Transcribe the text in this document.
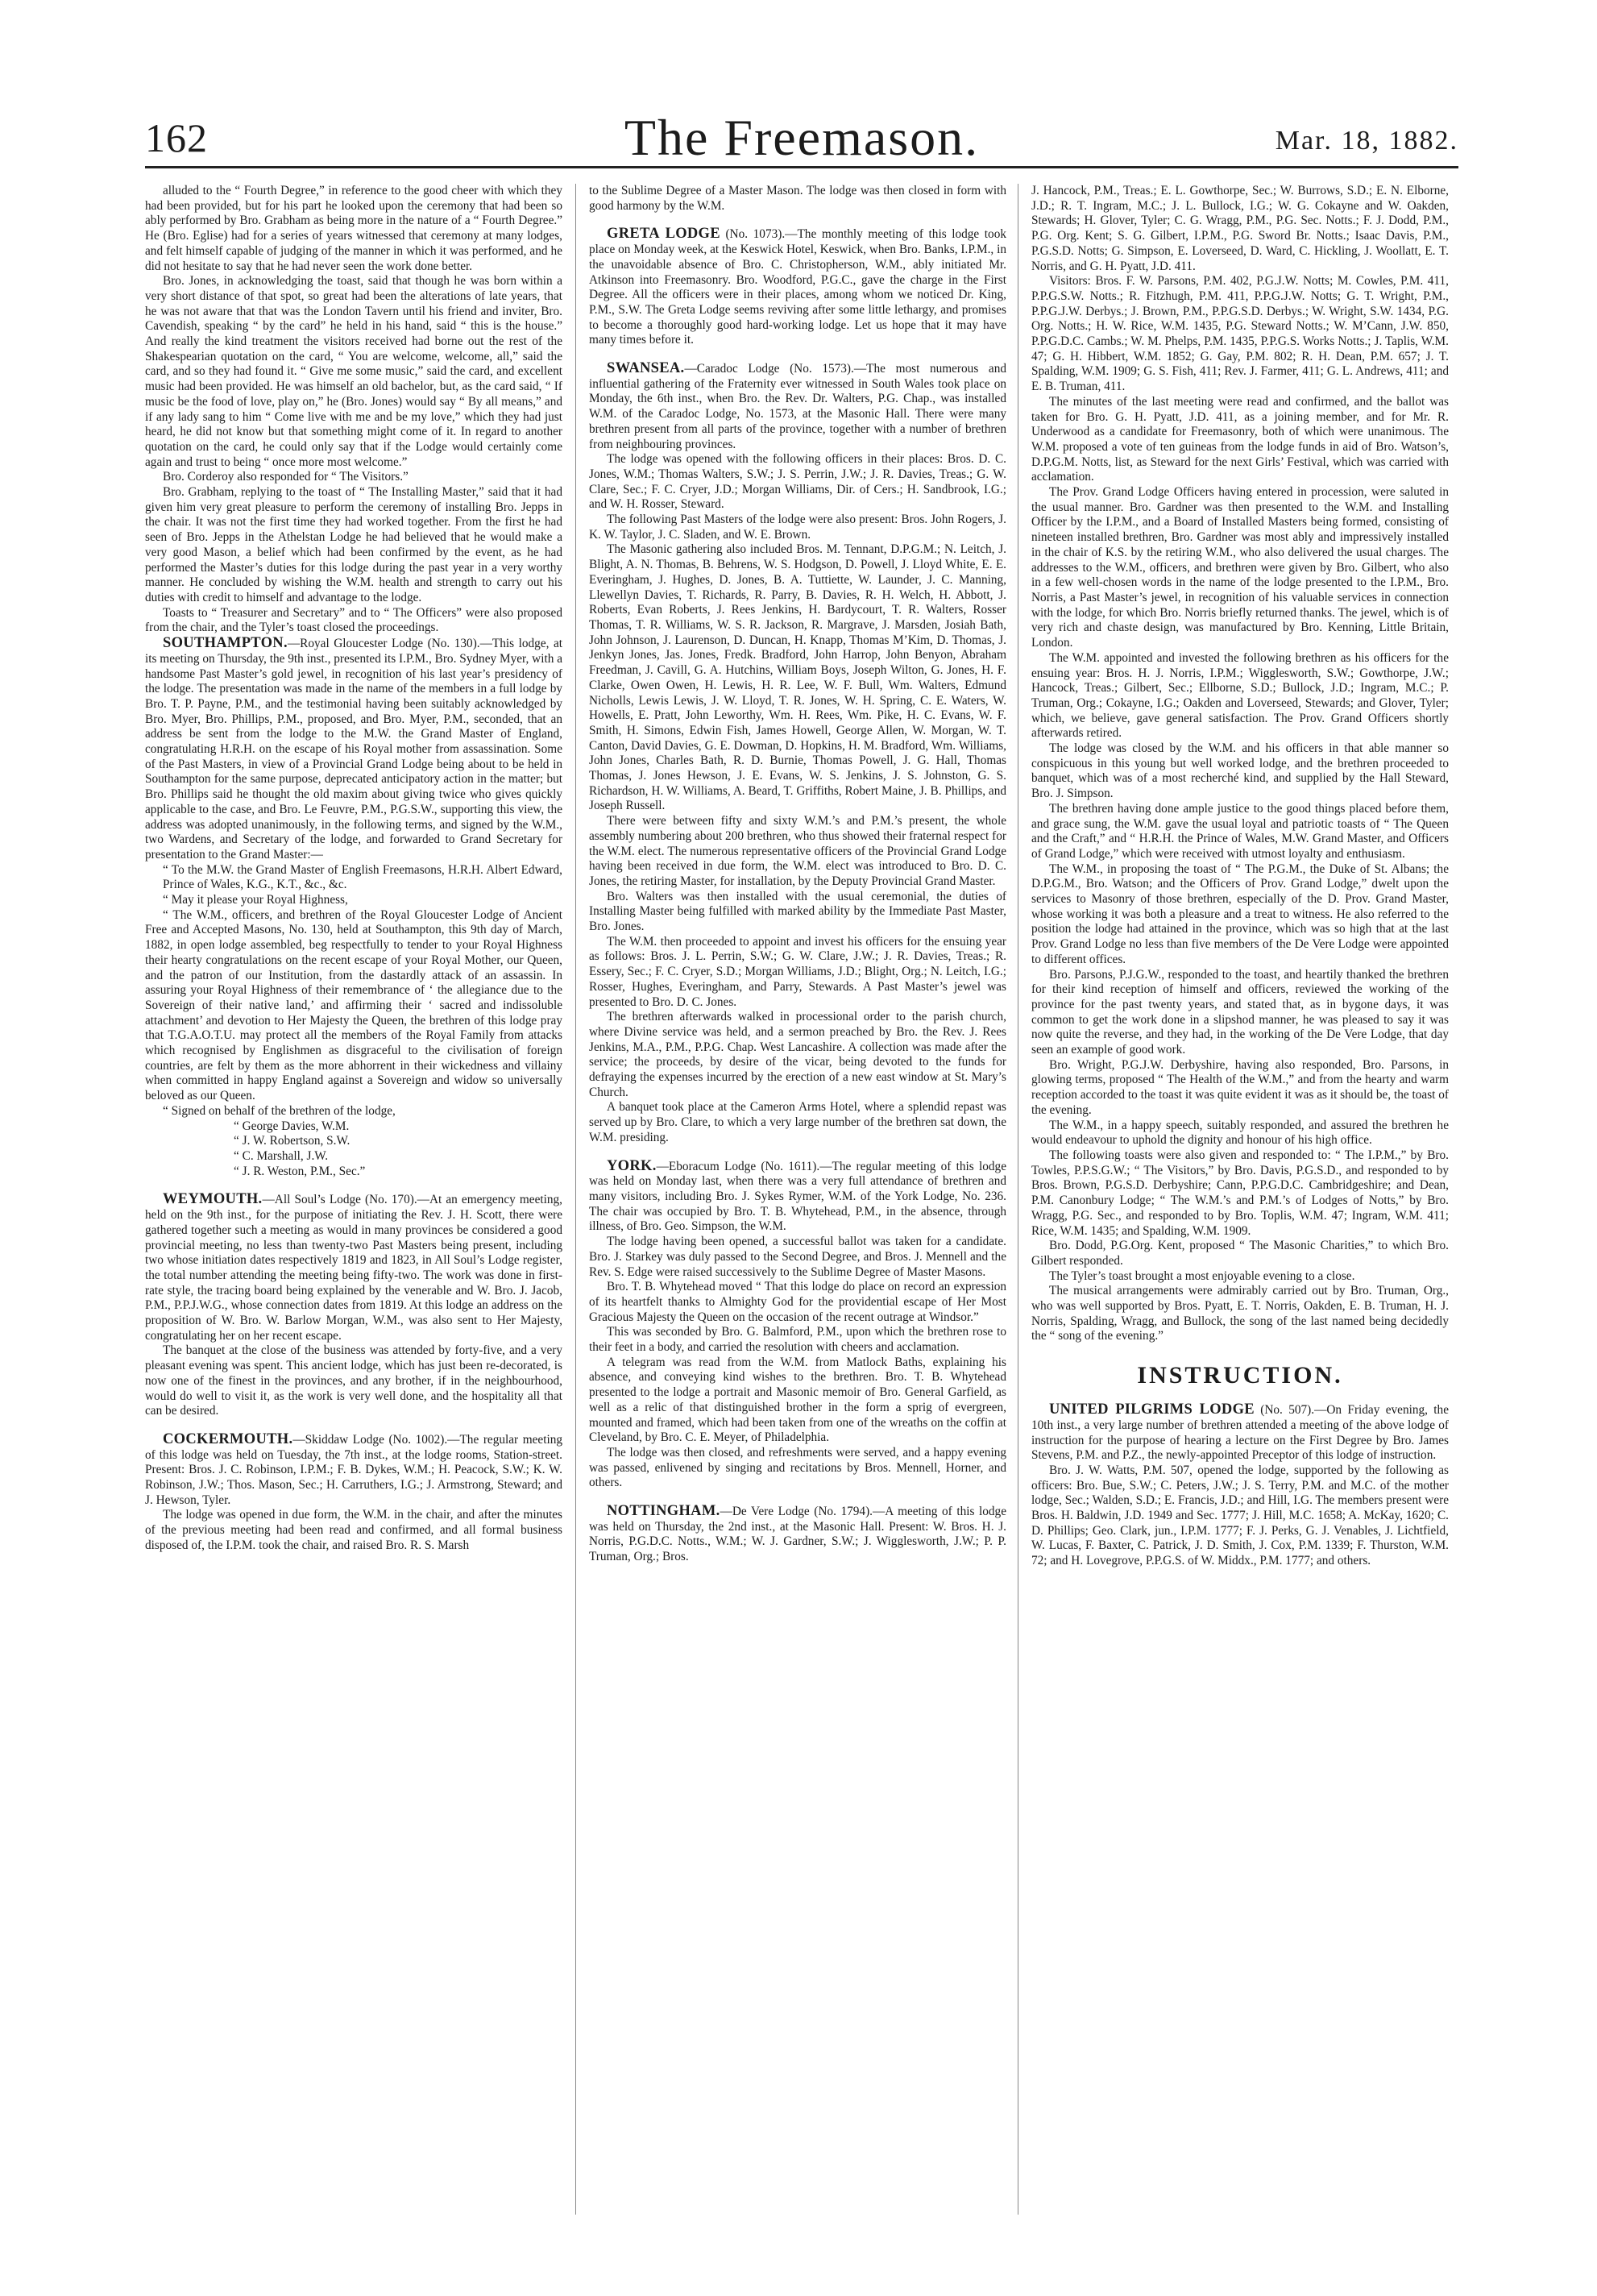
162	The Freemason.	Mar. 18, 1882.

alluded to the “ Fourth Degree,” in reference to the good cheer with which they had been provided, but for his part he looked upon the ceremony that had been so ably performed by Bro. Grabham as being more in the nature of a “ Fourth Degree.” He (Bro. Eglise) had for a series of years witnessed that ceremony at many lodges, and felt himself capable of judging of the manner in which it was performed, and he did not hesitate to say that he had never seen the work done better.

Bro. Jones, in acknowledging the toast, said that though he was born within a very short distance of that spot, so great had been the alterations of late years, that he was not aware that that was the London Tavern until his friend and inviter, Bro. Cavendish, speaking “ by the card” he held in his hand, said “ this is the house.” And really the kind treatment the visitors received had borne out the rest of the Shakespearian quotation on the card, “ You are welcome, welcome, all,” said the card, and so they had found it. “ Give me some music,” said the card, and excellent music had been provided. He was himself an old bachelor, but, as the card said, “ If music be the food of love, play on,” he (Bro. Jones) would say “ By all means,” and if any lady sang to him “ Come live with me and be my love,” which they had just heard, he did not know but that something might come of it. In regard to another quotation on the card, he could only say that if the Lodge would certainly come again and trust to being “ once more most welcome.”

Bro. Corderoy also responded for “ The Visitors.”

Bro. Grabham, replying to the toast of “ The Installing Master,” said that it had given him very great pleasure to perform the ceremony of installing Bro. Jepps in the chair. It was not the first time they had worked together. From the first he had seen of Bro. Jepps in the Athelstan Lodge he had believed that he would make a very good Mason, a belief which had been confirmed by the event, as he had performed the Master’s duties for this lodge during the past year in a very worthy manner. He concluded by wishing the W.M. health and strength to carry out his duties with credit to himself and advantage to the lodge.

Toasts to “ Treasurer and Secretary” and to “ The Officers” were also proposed from the chair, and the Tyler’s toast closed the proceedings.

SOUTHAMPTON.—Royal Gloucester Lodge (No. 130).—This lodge, at its meeting on Thursday, the 9th inst., presented its I.P.M., Bro. Sydney Myer, with a handsome Past Master’s gold jewel, in recognition of his last year’s presidency of the lodge. The presentation was made in the name of the members in a full lodge by Bro. T. P. Payne, P.M., and the testimonial having been suitably acknowledged by Bro. Myer, Bro. Phillips, P.M., proposed, and Bro. Myer, P.M., seconded, that an address be sent from the lodge to the M.W. the Grand Master of England, congratulating H.R.H. on the escape of his Royal mother from assassination. Some of the Past Masters, in view of a Provincial Grand Lodge being about to be held in Southampton for the same purpose, deprecated anticipatory action in the matter; but Bro. Phillips said he thought the old maxim about giving twice who gives quickly applicable to the case, and Bro. Le Feuvre, P.M., P.G.S.W., supporting this view, the address was adopted unanimously, in the following terms, and signed by the W.M., two Wardens, and Secretary of the lodge, and forwarded to Grand Secretary for presentation to the Grand Master:—

“ To the M.W. the Grand Master of English Freemasons, H.R.H. Albert Edward, Prince of Wales, K.G., K.T., &c., &c.

“ May it please your Royal Highness,

“ The W.M., officers, and brethren of the Royal Gloucester Lodge of Ancient Free and Accepted Masons, No. 130, held at Southampton, this 9th day of March, 1882, in open lodge assembled, beg respectfully to tender to your Royal Highness their hearty congratulations on the recent escape of your Royal Mother, our Queen, and the patron of our Institution, from the dastardly attack of an assassin. In assuring your Royal Highness of their remembrance of ‘ the allegiance due to the Sovereign of their native land,’ and affirming their ‘ sacred and indissoluble attachment’ and devotion to Her Majesty the Queen, the brethren of this lodge pray that T.G.A.O.T.U. may protect all the members of the Royal Family from attacks which recognised by Englishmen as disgraceful to the civilisation of foreign countries, are felt by them as the more abhorrent in their wickedness and villainy when committed in happy England against a Sovereign and widow so universally beloved as our Queen.

“ Signed on behalf of the brethren of the lodge,

“ George Davies, W.M.

“ J. W. Robertson, S.W.

“ C. Marshall, J.W.

“ J. R. Weston, P.M., Sec.”

WEYMOUTH.—All Soul’s Lodge (No. 170).—At an emergency meeting, held on the 9th inst., for the purpose of initiating the Rev. J. H. Scott, there were gathered together such a meeting as would in many provinces be considered a good provincial meeting, no less than twenty-two Past Masters being present, including two whose initiation dates respectively 1819 and 1823, in All Soul’s Lodge register, the total number attending the meeting being fifty-two. The work was done in first-rate style, the tracing board being explained by the venerable and W. Bro. J. Jacob, P.M., P.P.J.W.G., whose connection dates from 1819. At this lodge an address on the proposition of W. Bro. W. Barlow Morgan, W.M., was also sent to Her Majesty, congratulating her on her recent escape.

The banquet at the close of the business was attended by forty-five, and a very pleasant evening was spent. This ancient lodge, which has just been re-decorated, is now one of the finest in the provinces, and any brother, if in the neighbourhood, would do well to visit it, as the work is very well done, and the hospitality all that can be desired.

COCKERMOUTH.—Skiddaw Lodge (No. 1002).—The regular meeting of this lodge was held on Tuesday, the 7th inst., at the lodge rooms, Station-street. Present: Bros. J. C. Robinson, I.P.M.; F. B. Dykes, W.M.; H. Peacock, S.W.; K. W. Robinson, J.W.; Thos. Mason, Sec.; H. Carruthers, I.G.; J. Armstrong, Steward; and J. Hewson, Tyler.

The lodge was opened in due form, the W.M. in the chair, and after the minutes of the previous meeting had been read and confirmed, and all formal business disposed of, the I.P.M. took the chair, and raised Bro. R. S. Marsh

to the Sublime Degree of a Master Mason. The lodge was then closed in form with good harmony by the W.M.

GRETA LODGE (No. 1073).—The monthly meeting of this lodge took place on Monday week, at the Keswick Hotel, Keswick, when Bro. Banks, I.P.M., in the unavoidable absence of Bro. C. Christopherson, W.M., ably initiated Mr. Atkinson into Freemasonry. Bro. Woodford, P.G.C., gave the charge in the First Degree. All the officers were in their places, among whom we noticed Dr. King, P.M., S.W. The Greta Lodge seems reviving after some little lethargy, and promises to become a thoroughly good hard-working lodge. Let us hope that it may have many times before it.

SWANSEA.—Caradoc Lodge (No. 1573).—The most numerous and influential gathering of the Fraternity ever witnessed in South Wales took place on Monday, the 6th inst., when Bro. the Rev. Dr. Walters, P.G. Chap., was installed W.M. of the Caradoc Lodge, No. 1573, at the Masonic Hall. There were many brethren present from all parts of the province, together with a number of brethren from neighbouring provinces.

The lodge was opened with the following officers in their places: Bros. D. C. Jones, W.M.; Thomas Walters, S.W.; J. S. Perrin, J.W.; J. R. Davies, Treas.; G. W. Clare, Sec.; F. C. Cryer, J.D.; Morgan Williams, Dir. of Cers.; H. Sandbrook, I.G.; and W. H. Rosser, Steward.

The following Past Masters of the lodge were also present: Bros. John Rogers, J. K. W. Taylor, J. C. Sladen, and W. E. Brown.

The Masonic gathering also included Bros. M. Tennant, D.P.G.M.; N. Leitch, J. Blight, A. N. Thomas, B. Behrens, W. S. Hodgson, D. Powell, J. Lloyd White, E. E. Everingham, J. Hughes, D. Jones, B. A. Tuttiette, W. Launder, J. C. Manning, Llewellyn Davies, T. Richards, R. Parry, B. Davies, R. H. Welch, H. Abbott, J. Roberts, Evan Roberts, J. Rees Jenkins, H. Bardycourt, T. R. Walters, Rosser Thomas, T. R. Williams, W. S. R. Jackson, R. Margrave, J. Marsden, Josiah Bath, John Johnson, J. Laurenson, D. Duncan, H. Knapp, Thomas M’Kim, D. Thomas, J. Jenkyn Jones, Jas. Jones, Fredk. Bradford, John Harrop, John Benyon, Abraham Freedman, J. Cavill, G. A. Hutchins, William Boys, Joseph Wilton, G. Jones, H. F. Clarke, Owen Owen, H. Lewis, H. R. Lee, W. F. Bull, Wm. Walters, Edmund Nicholls, Lewis Lewis, J. W. Lloyd, T. R. Jones, W. H. Spring, C. E. Waters, W. Howells, E. Pratt, John Leworthy, Wm. H. Rees, Wm. Pike, H. C. Evans, W. F. Smith, H. Simons, Edwin Fish, James Howell, George Allen, W. Morgan, W. T. Canton, David Davies, G. E. Dowman, D. Hopkins, H. M. Bradford, Wm. Williams, John Jones, Charles Bath, R. D. Burnie, Thomas Powell, J. G. Hall, Thomas Thomas, J. Jones Hewson, J. E. Evans, W. S. Jenkins, J. S. Johnston, G. S. Richardson, H. W. Williams, A. Beard, T. Griffiths, Robert Maine, J. B. Phillips, and Joseph Russell.

There were between fifty and sixty W.M.’s and P.M.’s present, the whole assembly numbering about 200 brethren, who thus showed their fraternal respect for the W.M. elect. The numerous representative officers of the Provincial Grand Lodge having been received in due form, the W.M. elect was introduced to Bro. D. C. Jones, the retiring Master, for installation, by the Deputy Provincial Grand Master.

Bro. Walters was then installed with the usual ceremonial, the duties of Installing Master being fulfilled with marked ability by the Immediate Past Master, Bro. Jones.

The W.M. then proceeded to appoint and invest his officers for the ensuing year as follows: Bros. J. L. Perrin, S.W.; G. W. Clare, J.W.; J. R. Davies, Treas.; R. Essery, Sec.; F. C. Cryer, S.D.; Morgan Williams, J.D.; Blight, Org.; N. Leitch, I.G.; Rosser, Hughes, Everingham, and Parry, Stewards. A Past Master’s jewel was presented to Bro. D. C. Jones.

The brethren afterwards walked in processional order to the parish church, where Divine service was held, and a sermon preached by Bro. the Rev. J. Rees Jenkins, M.A., P.M., P.P.G. Chap. West Lancashire. A collection was made after the service; the proceeds, by desire of the vicar, being devoted to the funds for defraying the expenses incurred by the erection of a new east window at St. Mary’s Church.

A banquet took place at the Cameron Arms Hotel, where a splendid repast was served up by Bro. Clare, to which a very large number of the brethren sat down, the W.M. presiding.

YORK.—Eboracum Lodge (No. 1611).—The regular meeting of this lodge was held on Monday last, when there was a very full attendance of brethren and many visitors, including Bro. J. Sykes Rymer, W.M. of the York Lodge, No. 236. The chair was occupied by Bro. T. B. Whytehead, P.M., in the absence, through illness, of Bro. Geo. Simpson, the W.M.

The lodge having been opened, a successful ballot was taken for a candidate. Bro. J. Starkey was duly passed to the Second Degree, and Bros. J. Mennell and the Rev. S. Edge were raised successively to the Sublime Degree of Master Masons.

Bro. T. B. Whytehead moved “ That this lodge do place on record an expression of its heartfelt thanks to Almighty God for the providential escape of Her Most Gracious Majesty the Queen on the occasion of the recent outrage at Windsor.”

This was seconded by Bro. G. Balmford, P.M., upon which the brethren rose to their feet in a body, and carried the resolution with cheers and acclamation.

A telegram was read from the W.M. from Matlock Baths, explaining his absence, and conveying kind wishes to the brethren. Bro. T. B. Whytehead presented to the lodge a portrait and Masonic memoir of Bro. General Garfield, as well as a relic of that distinguished brother in the form a sprig of evergreen, mounted and framed, which had been taken from one of the wreaths on the coffin at Cleveland, by Bro. C. E. Meyer, of Philadelphia.

The lodge was then closed, and refreshments were served, and a happy evening was passed, enlivened by singing and recitations by Bros. Mennell, Horner, and others.

NOTTINGHAM.—De Vere Lodge (No. 1794).—A meeting of this lodge was held on Thursday, the 2nd inst., at the Masonic Hall. Present: W. Bros. H. J. Norris, P.G.D.C. Notts., W.M.; W. J. Gardner, S.W.; J. Wigglesworth, J.W.; P. P. Truman, Org.; Bros.

J. Hancock, P.M., Treas.; E. L. Gowthorpe, Sec.; W. Burrows, S.D.; E. N. Elborne, J.D.; R. T. Ingram, M.C.; J. L. Bullock, I.G.; W. G. Cokayne and W. Oakden, Stewards; H. Glover, Tyler; C. G. Wragg, P.M., P.G. Sec. Notts.; F. J. Dodd, P.M., P.G. Org. Kent; S. G. Gilbert, I.P.M., P.G. Sword Br. Notts.; Isaac Davis, P.M., P.G.S.D. Notts; G. Simpson, E. Loverseed, D. Ward, C. Hickling, J. Woollatt, E. T. Norris, and G. H. Pyatt, J.D. 411.

Visitors: Bros. F. W. Parsons, P.M. 402, P.G.J.W. Notts; M. Cowles, P.M. 411, P.P.G.S.W. Notts.; R. Fitzhugh, P.M. 411, P.P.G.J.W. Notts; G. T. Wright, P.M., P.P.G.J.W. Derbys.; J. Brown, P.M., P.P.G.S.D. Derbys.; W. Wright, S.W. 1434, P.G. Org. Notts.; H. W. Rice, W.M. 1435, P.G. Steward Notts.; W. M’Cann, J.W. 850, P.P.G.D.C. Cambs.; W. M. Phelps, P.M. 1435, P.P.G.S. Works Notts.; J. Taplis, W.M. 47; G. H. Hibbert, W.M. 1852; G. Gay, P.M. 802; R. H. Dean, P.M. 657; J. T. Spalding, W.M. 1909; G. S. Fish, 411; Rev. J. Farmer, 411; G. L. Andrews, 411; and E. B. Truman, 411.

The minutes of the last meeting were read and confirmed, and the ballot was taken for Bro. G. H. Pyatt, J.D. 411, as a joining member, and for Mr. R. Underwood as a candidate for Freemasonry, both of which were unanimous. The W.M. proposed a vote of ten guineas from the lodge funds in aid of Bro. Watson’s, D.P.G.M. Notts, list, as Steward for the next Girls’ Festival, which was carried with acclamation.

The Prov. Grand Lodge Officers having entered in procession, were saluted in the usual manner. Bro. Gardner was then presented to the W.M. and Installing Officer by the I.P.M., and a Board of Installed Masters being formed, consisting of nineteen installed brethren, Bro. Gardner was most ably and impressively installed in the chair of K.S. by the retiring W.M., who also delivered the usual charges. The addresses to the W.M., officers, and brethren were given by Bro. Gilbert, who also in a few well-chosen words in the name of the lodge presented to the I.P.M., Bro. Norris, a Past Master’s jewel, in recognition of his valuable services in connection with the lodge, for which Bro. Norris briefly returned thanks. The jewel, which is of very rich and chaste design, was manufactured by Bro. Kenning, Little Britain, London.

The W.M. appointed and invested the following brethren as his officers for the ensuing year: Bros. H. J. Norris, I.P.M.; Wigglesworth, S.W.; Gowthorpe, J.W.; Hancock, Treas.; Gilbert, Sec.; Ellborne, S.D.; Bullock, J.D.; Ingram, M.C.; P. Truman, Org.; Cokayne, I.G.; Oakden and Loverseed, Stewards; and Glover, Tyler; which, we believe, gave general satisfaction. The Prov. Grand Officers shortly afterwards retired.

The lodge was closed by the W.M. and his officers in that able manner so conspicuous in this young but well worked lodge, and the brethren proceeded to banquet, which was of a most recherché kind, and supplied by the Hall Steward, Bro. J. Simpson.

The brethren having done ample justice to the good things placed before them, and grace sung, the W.M. gave the usual loyal and patriotic toasts of “ The Queen and the Craft,” and “ H.R.H. the Prince of Wales, M.W. Grand Master, and Officers of Grand Lodge,” which were received with utmost loyalty and enthusiasm.

The W.M., in proposing the toast of “ The P.G.M., the Duke of St. Albans; the D.P.G.M., Bro. Watson; and the Officers of Prov. Grand Lodge,” dwelt upon the services to Masonry of those brethren, especially of the D. Prov. Grand Master, whose working it was both a pleasure and a treat to witness. He also referred to the position the lodge had attained in the province, which was so high that at the last Prov. Grand Lodge no less than five members of the De Vere Lodge were appointed to different offices.

Bro. Parsons, P.J.G.W., responded to the toast, and heartily thanked the brethren for their kind reception of himself and officers, reviewed the working of the province for the past twenty years, and stated that, as in bygone days, it was common to get the work done in a slipshod manner, he was pleased to say it was now quite the reverse, and they had, in the working of the De Vere Lodge, that day seen an example of good work.

Bro. Wright, P.G.J.W. Derbyshire, having also responded, Bro. Parsons, in glowing terms, proposed “ The Health of the W.M.,” and from the hearty and warm reception accorded to the toast it was quite evident it was as it should be, the toast of the evening.

The W.M., in a happy speech, suitably responded, and assured the brethren he would endeavour to uphold the dignity and honour of his high office.

The following toasts were also given and responded to: “ The I.P.M.,” by Bro. Towles, P.P.S.G.W.; “ The Visitors,” by Bro. Davis, P.G.S.D., and responded to by Bros. Brown, P.G.S.D. Derbyshire; Cann, P.P.G.D.C. Cambridgeshire; and Dean, P.M. Canonbury Lodge; “ The W.M.’s and P.M.’s of Lodges of Notts,” by Bro. Wragg, P.G. Sec., and responded to by Bro. Toplis, W.M. 47; Ingram, W.M. 411; Rice, W.M. 1435; and Spalding, W.M. 1909.

Bro. Dodd, P.G.Org. Kent, proposed “ The Masonic Charities,” to which Bro. Gilbert responded.

The Tyler’s toast brought a most enjoyable evening to a close.

The musical arrangements were admirably carried out by Bro. Truman, Org., who was well supported by Bros. Pyatt, E. T. Norris, Oakden, E. B. Truman, H. J. Norris, Spalding, Wragg, and Bullock, the song of the last named being decidedly the “ song of the evening.”

INSTRUCTION.

UNITED PILGRIMS LODGE (No. 507).—On Friday evening, the 10th inst., a very large number of brethren attended a meeting of the above lodge of instruction for the purpose of hearing a lecture on the First Degree by Bro. James Stevens, P.M. and P.Z., the newly-appointed Preceptor of this lodge of instruction.

Bro. J. W. Watts, P.M. 507, opened the lodge, supported by the following as officers: Bro. Bue, S.W.; C. Peters, J.W.; J. S. Terry, P.M. and M.C. of the mother lodge, Sec.; Walden, S.D.; E. Francis, J.D.; and Hill, I.G. The members present were Bros. H. Baldwin, J.D. 1949 and Sec. 1777; J. Hill, M.C. 1658; A. McKay, 1620; C. D. Phillips; Geo. Clark, jun., I.P.M. 1777; F. J. Perks, G. J. Venables, J. Lichtfield, W. Lucas, F. Baxter, C. Patrick, J. D. Smith, J. Cox, P.M. 1339; F. Thurston, W.M. 72; and H. Lovegrove, P.P.G.S. of W. Middx., P.M. 1777; and others.
